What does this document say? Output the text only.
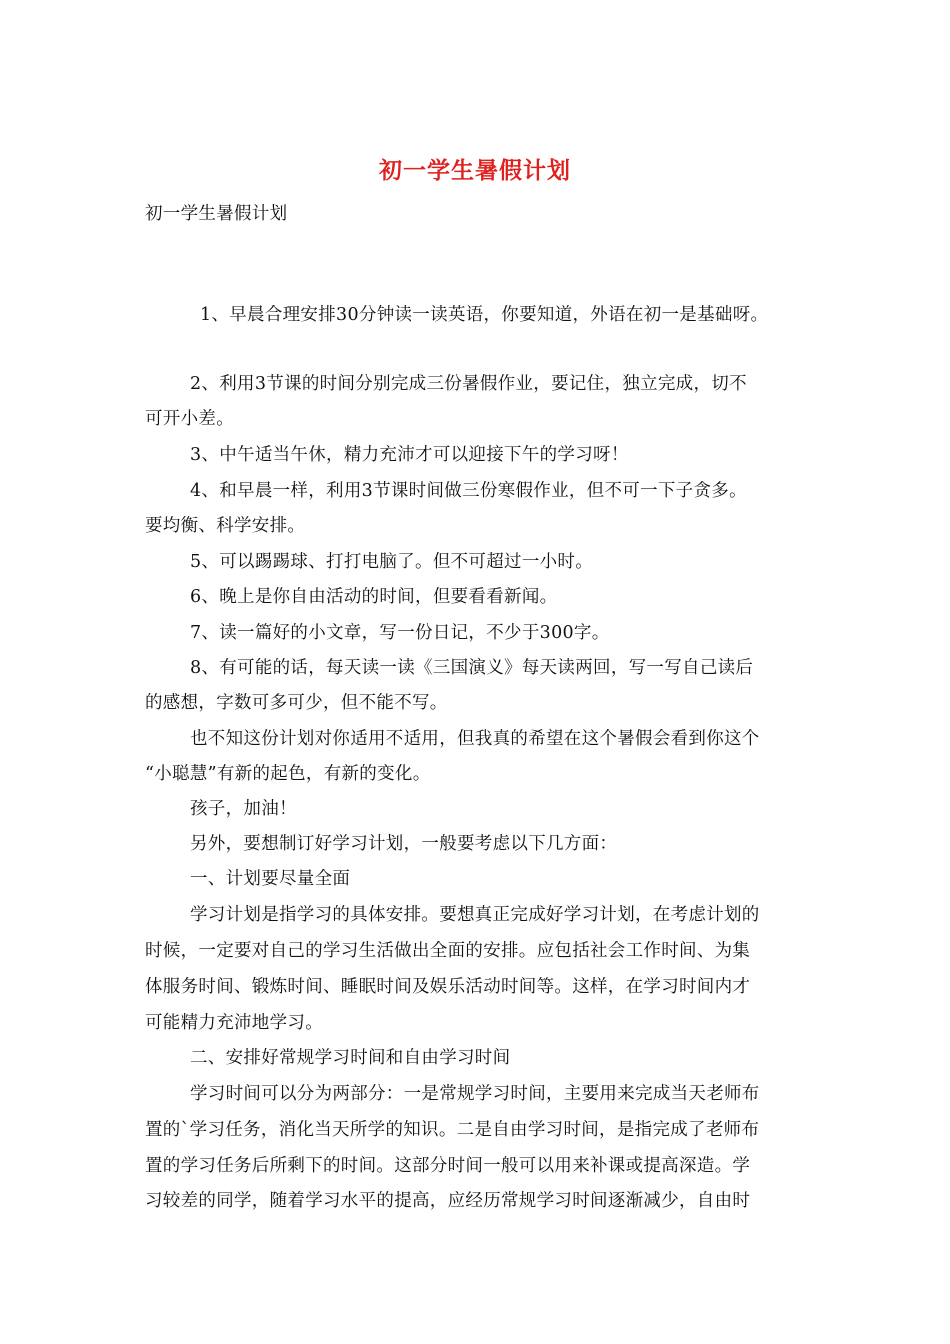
初一学生暑假计划
初一学生暑假计划
1、早晨合理安排30分钟读一读英语，你要知道，外语在初一是基础呀。
2、利用3节课的时间分别完成三份暑假作业，要记住，独立完成，切不
可开小差。
3、中午适当午休，精力充沛才可以迎接下午的学习呀！
4、和早晨一样，利用3节课时间做三份寒假作业，但不可一下子贪多。
要均衡、科学安排。
5、可以踢踢球、打打电脑了。但不可超过一小时。
6、晚上是你自由活动的时间，但要看看新闻。
7、读一篇好的小文章，写一份日记，不少于300字。
8、有可能的话，每天读一读《三国演义》每天读两回，写一写自己读后
的感想，字数可多可少，但不能不写。
也不知这份计划对你适用不适用，但我真的希望在这个暑假会看到你这个
“小聪慧”有新的起色，有新的变化。
孩子，加油！
另外，要想制订好学习计划，一般要考虑以下几方面：
一、计划要尽量全面
学习计划是指学习的具体安排。要想真正完成好学习计划，在考虑计划的
时候，一定要对自己的学习生活做出全面的安排。应包括社会工作时间、为集
体服务时间、锻炼时间、睡眠时间及娱乐活动时间等。这样，在学习时间内才
可能精力充沛地学习。
二、安排好常规学习时间和自由学习时间
学习时间可以分为两部分：一是常规学习时间，主要用来完成当天老师布
置的`学习任务，消化当天所学的知识。二是自由学习时间，是指完成了老师布
置的学习任务后所剩下的时间。这部分时间一般可以用来补课或提高深造。学
习较差的同学，随着学习水平的提高，应经历常规学习时间逐渐减少，自由时
